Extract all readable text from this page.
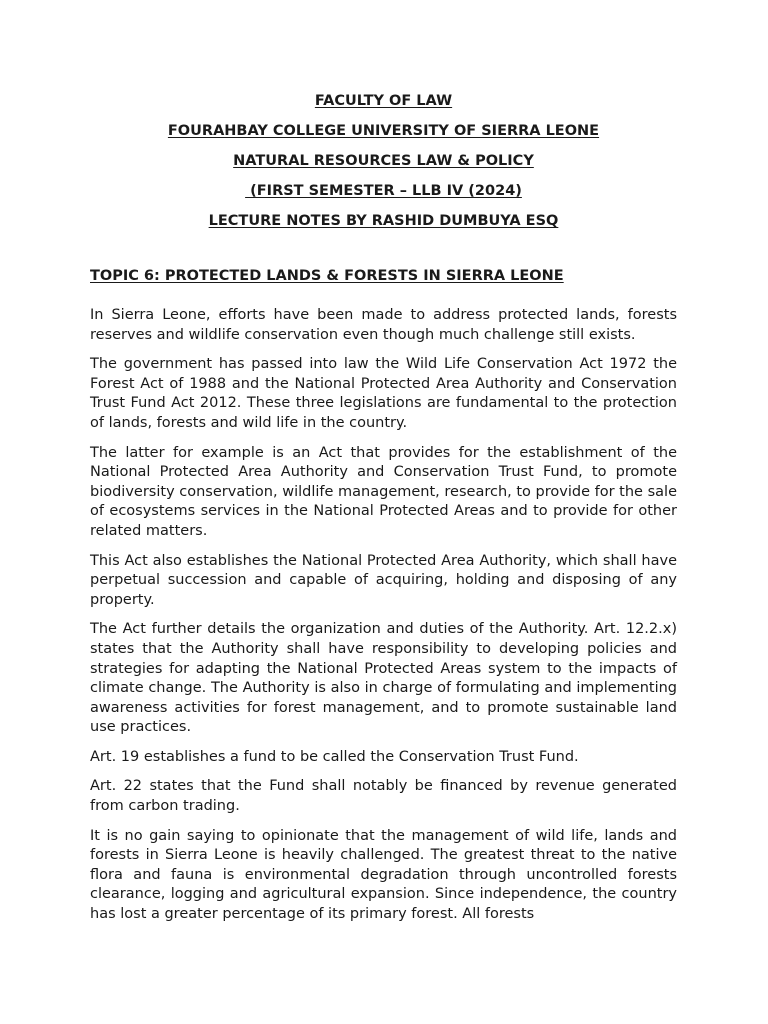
FACULTY OF LAW
FOURAHBAY COLLEGE UNIVERSITY OF SIERRA LEONE
NATURAL RESOURCES LAW & POLICY
(FIRST SEMESTER – LLB IV (2024)
LECTURE NOTES BY RASHID DUMBUYA ESQ
TOPIC 6: PROTECTED LANDS & FORESTS IN SIERRA LEONE

In Sierra Leone, efforts have been made to address protected lands, forests reserves and wildlife conservation even though much challenge still exists.

The government has passed into law the Wild Life Conservation Act 1972 the Forest Act of 1988 and the National Protected Area Authority and Conservation Trust Fund Act 2012. These three legislations are fundamental to the protection of lands, forests and wild life in the country.

The latter for example is an Act that provides for the establishment of the National Protected Area Authority and Conservation Trust Fund, to promote biodiversity conservation, wildlife management, research, to provide for the sale of ecosystems services in the National Protected Areas and to provide for other related matters.

This Act also establishes the National Protected Area Authority, which shall have perpetual succession and capable of acquiring, holding and disposing of any property.

The Act further details the organization and duties of the Authority. Art. 12.2.x) states that the Authority shall have responsibility to developing policies and strategies for adapting the National Protected Areas system to the impacts of climate change. The Authority is also in charge of formulating and implementing awareness activities for forest management, and to promote sustainable land use practices.

Art. 19 establishes a fund to be called the Conservation Trust Fund.

Art. 22 states that the Fund shall notably be financed by revenue generated from carbon trading.

It is no gain saying to opinionate that the management of wild life, lands and forests in Sierra Leone is heavily challenged. The greatest threat to the native flora and fauna is environmental degradation through uncontrolled forests clearance, logging and agricultural expansion. Since independence, the country has lost a greater percentage of its primary forest. All forests
